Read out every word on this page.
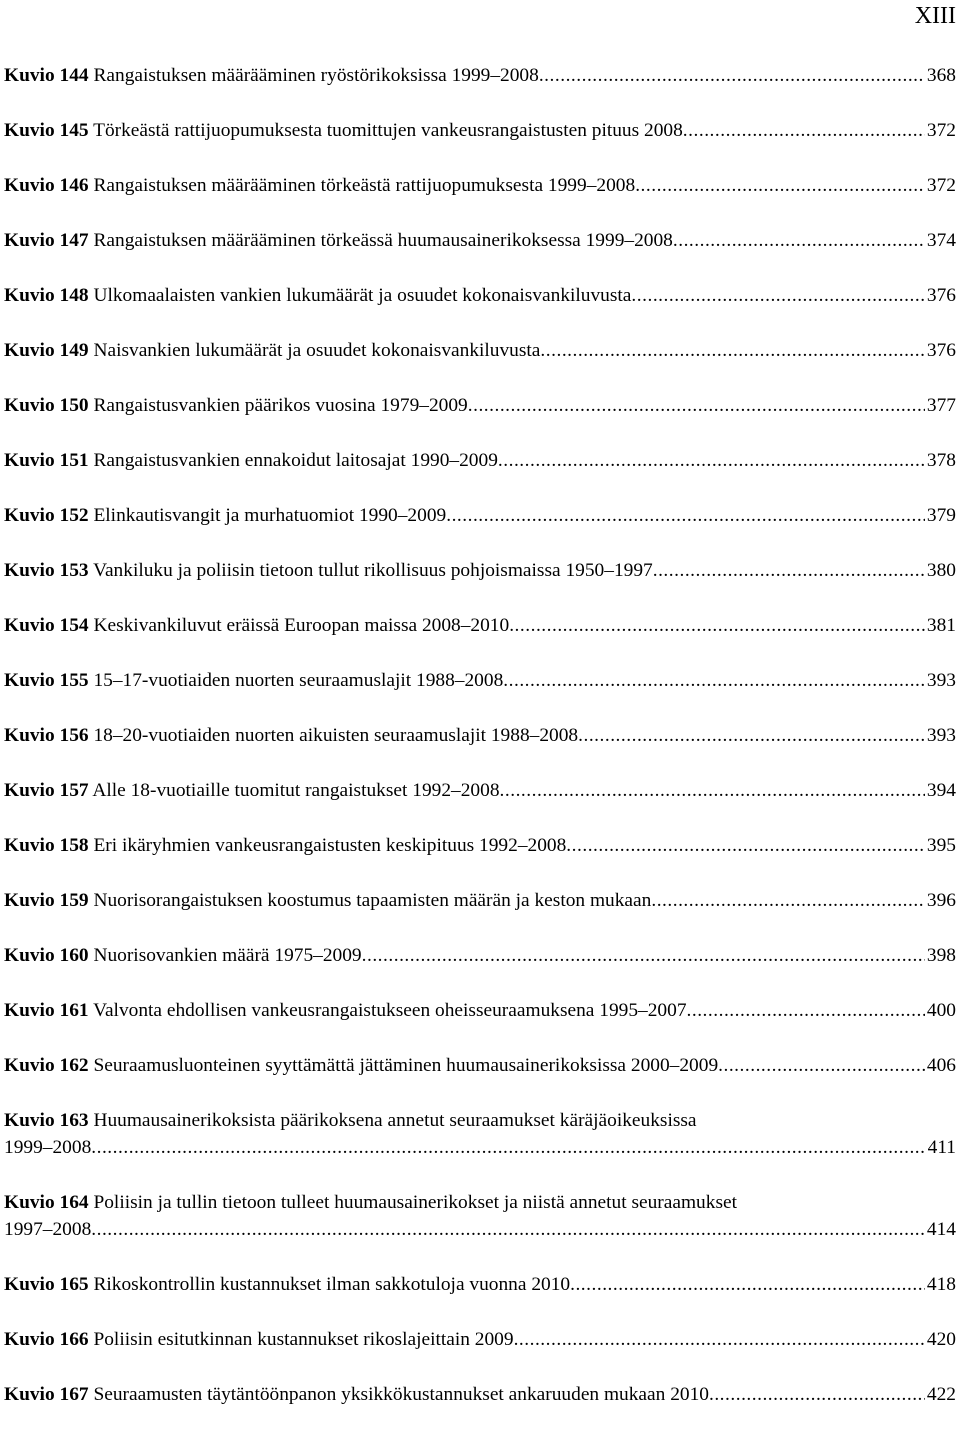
XIII
Kuvio 144 Rangaistuksen määrääminen ryöstörikoksissa 1999–2008 .....	368
Kuvio 145 Törkeästä rattijuopumuksesta tuomittujen vankeusrangaistusten pituus 2008 .....	372
Kuvio 146 Rangaistuksen määrääminen törkeästä rattijuopumuksesta 1999–2008 .....	372
Kuvio 147 Rangaistuksen määrääminen törkeässä huumausainerikoksessa 1999–2008 .....	374
Kuvio 148 Ulkomaalaisten vankien lukumäärät ja osuudet kokonaisvankiluvusta .....	376
Kuvio 149 Naisvankien lukumäärät ja osuudet kokonaisvankiluvusta .....	376
Kuvio 150 Rangaistusvankien päärikos vuosina 1979–2009 .....	377
Kuvio 151 Rangaistusvankien ennakoidut laitosajat 1990–2009 .....	378
Kuvio 152 Elinkautisvangit ja murhatuomiot 1990–2009 .....	379
Kuvio 153 Vankiluku ja poliisin tietoon tullut rikollisuus pohjoismaissa 1950–1997 .....	380
Kuvio 154 Keskivankiluvut eräissä Euroopan maissa 2008–2010 .....	381
Kuvio 155 15–17-vuotiaiden nuorten seuraamuslajit 1988–2008 .....	393
Kuvio 156 18–20-vuotiaiden nuorten aikuisten seuraamuslajit 1988–2008 .....	393
Kuvio 157 Alle 18-vuotiaille tuomitut rangaistukset 1992–2008 .....	394
Kuvio 158 Eri ikäryhmien vankeusrangaistusten keskipituus 1992–2008 .....	395
Kuvio 159 Nuorisorangaistuksen koostumus tapaamisten määrän ja keston mukaan .....	396
Kuvio 160 Nuorisovankien määrä 1975–2009 .....	398
Kuvio 161 Valvonta ehdollisen vankeusrangaistukseen oheisseuraamuksena 1995–2007 .....	400
Kuvio 162 Seuraamusluonteinen syyttämättä jättäminen huumausainerikoksissa 2000–2009 .....	406
Kuvio 163 Huumausainerikoksista päärikoksena annetut seuraamukset käräjäoikeuksissa
1999–2008 .....	411
Kuvio 164 Poliisin ja tullin tietoon tulleet huumausainerikokset ja niistä annetut seuraamukset
1997–2008 .....	414
Kuvio 165 Rikoskontrollin kustannukset ilman sakkotuloja vuonna 2010 .....	418
Kuvio 166 Poliisin esitutkinnan kustannukset rikoslajeittain 2009 .....	420
Kuvio 167 Seuraamusten täytäntöönpanon yksikkökustannukset ankaruuden mukaan 2010 .....	422
